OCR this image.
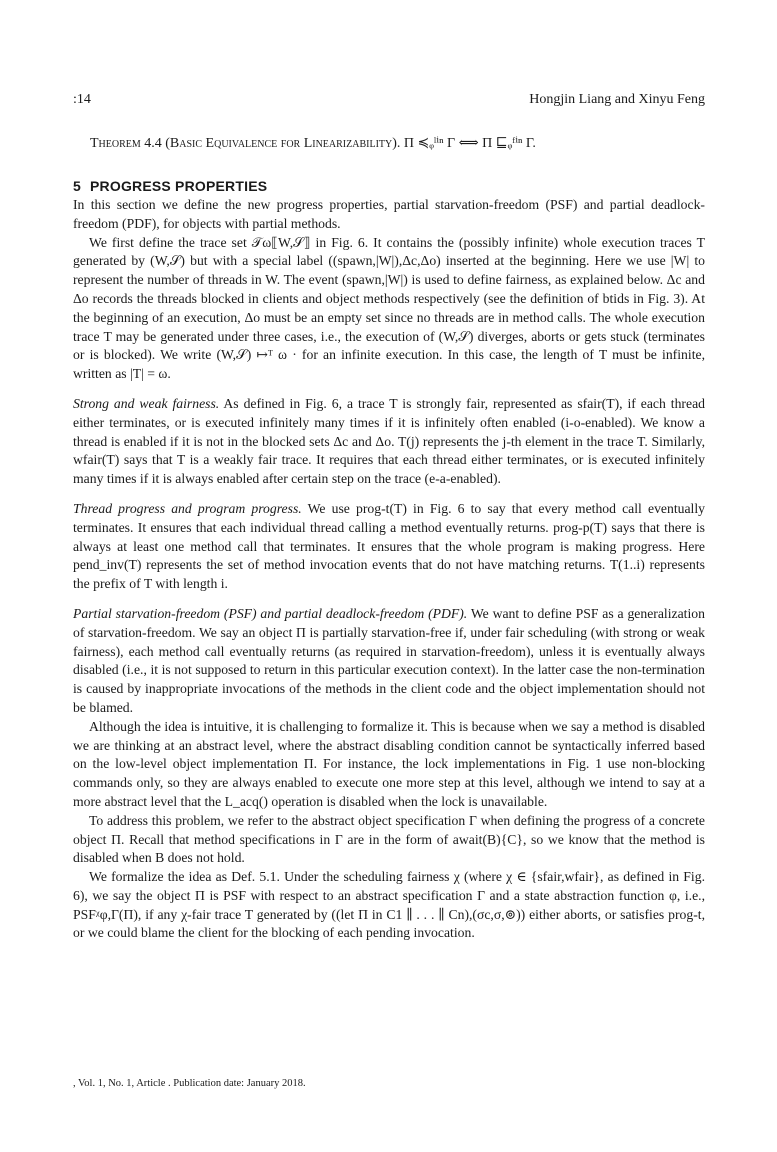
:14	Hongjin Liang and Xinyu Feng
Theorem 4.4 (Basic Equivalence for Linearizability). Π ≼ᵩˡⁱⁿ Γ ⟺ Π ⊑ᵩᶠⁱⁿ Γ.
5 PROGRESS PROPERTIES

In this section we define the new progress properties, partial starvation-freedom (PSF) and partial deadlock-freedom (PDF), for objects with partial methods.

We first define the trace set 𝒯ω⟦W,𝒮⟧ in Fig. 6. It contains the (possibly infinite) whole execution traces T generated by (W,𝒮) but with a special label ((spawn,|W|),Δc,Δo) inserted at the beginning. Here we use |W| to represent the number of threads in W. The event (spawn,|W|) is used to define fairness, as explained below. Δc and Δo records the threads blocked in clients and object methods respectively (see the definition of btids in Fig. 3). At the beginning of an execution, Δo must be an empty set since no threads are in method calls. The whole execution trace T may be generated under three cases, i.e., the execution of (W,𝒮) diverges, aborts or gets stuck (terminates or is blocked). We write (W,𝒮) ↦ᵀ ω · for an infinite execution. In this case, the length of T must be infinite, written as |T| = ω.

Strong and weak fairness. As defined in Fig. 6, a trace T is strongly fair, represented as sfair(T), if each thread either terminates, or is executed infinitely many times if it is infinitely often enabled (i-o-enabled). We know a thread is enabled if it is not in the blocked sets Δc and Δo. T(j) represents the j-th element in the trace T. Similarly, wfair(T) says that T is a weakly fair trace. It requires that each thread either terminates, or is executed infinitely many times if it is always enabled after certain step on the trace (e-a-enabled).

Thread progress and program progress. We use prog-t(T) in Fig. 6 to say that every method call eventually terminates. It ensures that each individual thread calling a method eventually returns. prog-p(T) says that there is always at least one method call that terminates. It ensures that the whole program is making progress. Here pend_inv(T) represents the set of method invocation events that do not have matching returns. T(1..i) represents the prefix of T with length i.

Partial starvation-freedom (PSF) and partial deadlock-freedom (PDF). We want to define PSF as a generalization of starvation-freedom. We say an object Π is partially starvation-free if, under fair scheduling (with strong or weak fairness), each method call eventually returns (as required in starvation-freedom), unless it is eventually always disabled (i.e., it is not supposed to return in this particular execution context). In the latter case the non-termination is caused by inappropriate invocations of the methods in the client code and the object implementation should not be blamed.

Although the idea is intuitive, it is challenging to formalize it. This is because when we say a method is disabled we are thinking at an abstract level, where the abstract disabling condition cannot be syntactically inferred based on the low-level object implementation Π. For instance, the lock implementations in Fig. 1 use non-blocking commands only, so they are always enabled to execute one more step at this level, although we intend to say at a more abstract level that the L_acq() operation is disabled when the lock is unavailable.

To address this problem, we refer to the abstract object specification Γ when defining the progress of a concrete object Π. Recall that method specifications in Γ are in the form of await(B){C}, so we know that the method is disabled when B does not hold.

We formalize the idea as Def. 5.1. Under the scheduling fairness χ (where χ ∈ {sfair,wfair}, as defined in Fig. 6), we say the object Π is PSF with respect to an abstract specification Γ and a state abstraction function φ, i.e., PSFᵡφ,Γ(Π), if any χ-fair trace T generated by ((let Π in C1 ∥ . . . ∥ Cn),(σc,σ,⊚)) either aborts, or satisfies prog-t, or we could blame the client for the blocking of each pending invocation.

, Vol. 1, No. 1, Article . Publication date: January 2018.
